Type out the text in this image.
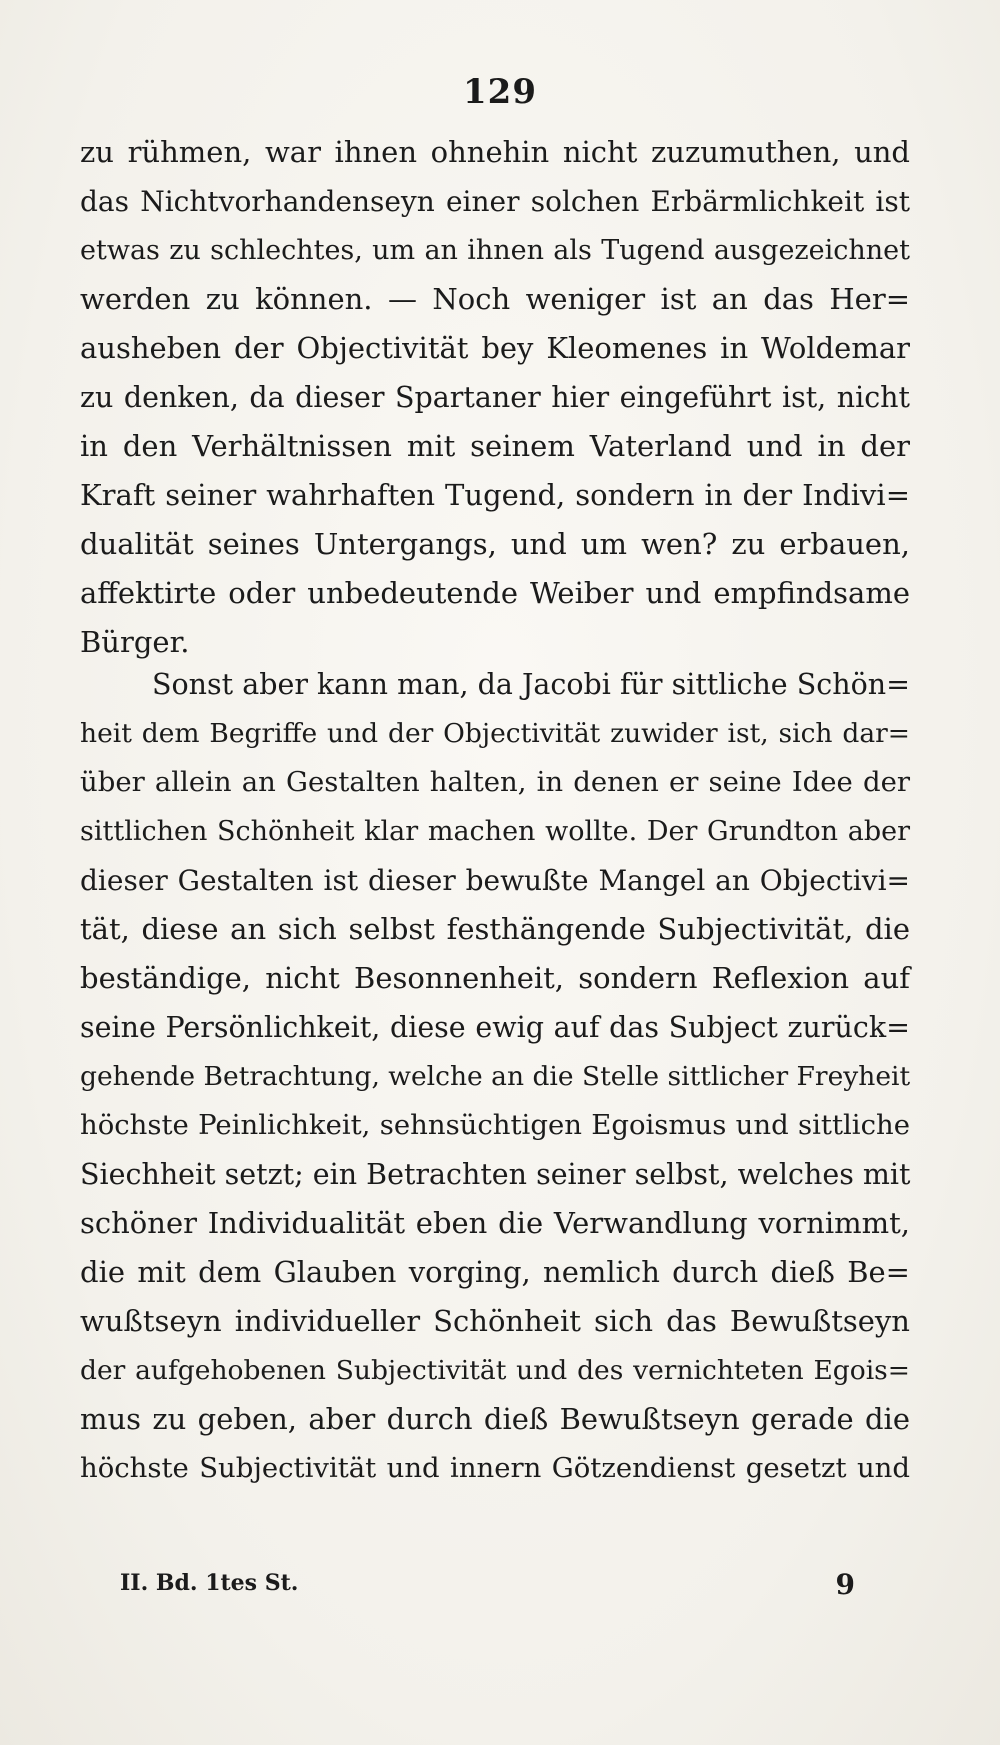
129
zu rühmen, war ihnen ohnehin nicht zuzumuthen, und
das Nichtvorhandenseyn einer solchen Erbärmlichkeit ist
etwas zu schlechtes, um an ihnen als Tugend ausgezeichnet
werden zu können. — Noch weniger ist an das Her=
ausheben der Objectivität bey Kleomenes in Woldemar
zu denken, da dieser Spartaner hier eingeführt ist, nicht
in den Verhältnissen mit seinem Vaterland und in der
Kraft seiner wahrhaften Tugend, sondern in der Indivi=
dualität seines Untergangs, und um wen? zu erbauen,
affektirte oder unbedeutende Weiber und empfindsame
Bürger.
Sonst aber kann man, da Jacobi für sittliche Schön=
heit dem Begriffe und der Objectivität zuwider ist, sich dar=
über allein an Gestalten halten, in denen er seine Idee der
sittlichen Schönheit klar machen wollte. Der Grundton aber
dieser Gestalten ist dieser bewußte Mangel an Objectivi=
tät, diese an sich selbst festhängende Subjectivität, die
beständige, nicht Besonnenheit, sondern Reflexion auf
seine Persönlichkeit, diese ewig auf das Subject zurück=
gehende Betrachtung, welche an die Stelle sittlicher Freyheit
höchste Peinlichkeit, sehnsüchtigen Egoismus und sittliche
Siechheit setzt; ein Betrachten seiner selbst, welches mit
schöner Individualität eben die Verwandlung vornimmt,
die mit dem Glauben vorging, nemlich durch dieß Be=
wußtseyn individueller Schönheit sich das Bewußtseyn
der aufgehobenen Subjectivität und des vernichteten Egois=
mus zu geben, aber durch dieß Bewußtseyn gerade die
höchste Subjectivität und innern Götzendienst gesetzt und
II. Bd. 1tes St.	9
